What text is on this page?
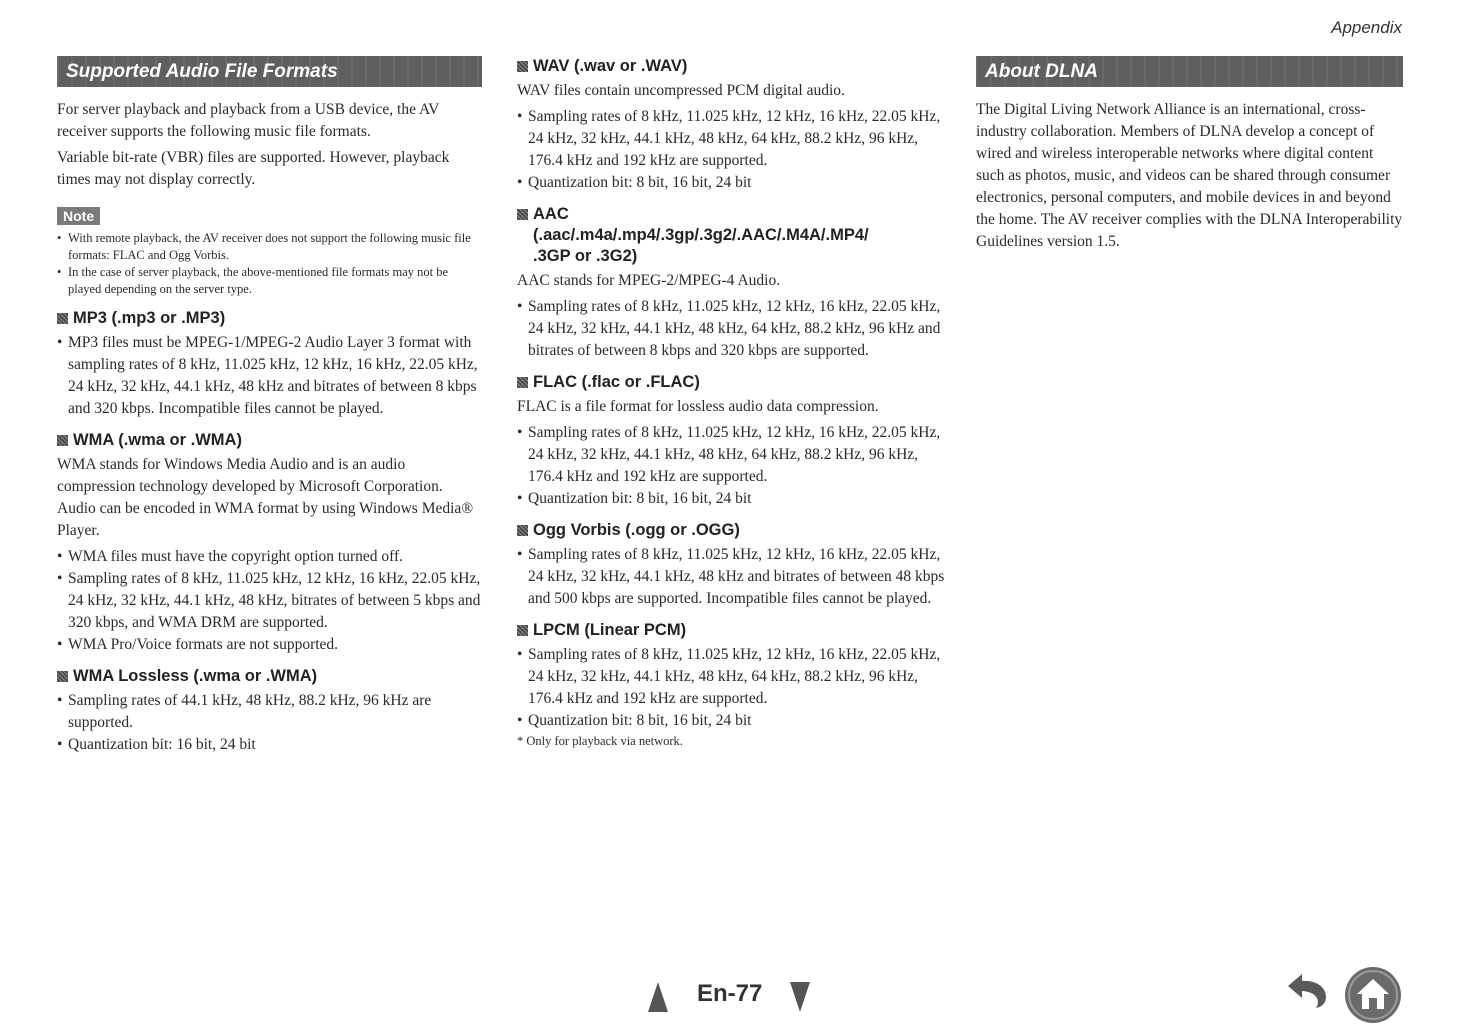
Appendix
Supported Audio File Formats

For server playback and playback from a USB device, the AV receiver supports the following music file formats.

Variable bit-rate (VBR) files are supported. However, playback times may not display correctly.

Note
• With remote playback, the AV receiver does not support the following music file formats: FLAC and Ogg Vorbis.
• In the case of server playback, the above-mentioned file formats may not be played depending on the server type.
MP3 (.mp3 or .MP3)
• MP3 files must be MPEG-1/MPEG-2 Audio Layer 3 format with sampling rates of 8 kHz, 11.025 kHz, 12 kHz, 16 kHz, 22.05 kHz, 24 kHz, 32 kHz, 44.1 kHz, 48 kHz and bitrates of between 8 kbps and 320 kbps. Incompatible files cannot be played.
WMA (.wma or .WMA)

WMA stands for Windows Media Audio and is an audio compression technology developed by Microsoft Corporation. Audio can be encoded in WMA format by using Windows Media® Player.

• WMA files must have the copyright option turned off.
• Sampling rates of 8 kHz, 11.025 kHz, 12 kHz, 16 kHz, 22.05 kHz, 24 kHz, 32 kHz, 44.1 kHz, 48 kHz, bitrates of between 5 kbps and 320 kbps, and WMA DRM are supported.
• WMA Pro/Voice formats are not supported.
WMA Lossless (.wma or .WMA)
• Sampling rates of 44.1 kHz, 48 kHz, 88.2 kHz, 96 kHz are supported.
• Quantization bit: 16 bit, 24 bit
WAV (.wav or .WAV)

WAV files contain uncompressed PCM digital audio.

• Sampling rates of 8 kHz, 11.025 kHz, 12 kHz, 16 kHz, 22.05 kHz, 24 kHz, 32 kHz, 44.1 kHz, 48 kHz, 64 kHz, 88.2 kHz, 96 kHz, 176.4 kHz and 192 kHz are supported.
• Quantization bit: 8 bit, 16 bit, 24 bit
AAC
(.aac/.m4a/.mp4/.3gp/.3g2/.AAC/.M4A/.MP4/
.3GP or .3G2)

AAC stands for MPEG-2/MPEG-4 Audio.

• Sampling rates of 8 kHz, 11.025 kHz, 12 kHz, 16 kHz, 22.05 kHz, 24 kHz, 32 kHz, 44.1 kHz, 48 kHz, 64 kHz, 88.2 kHz, 96 kHz and bitrates of between 8 kbps and 320 kbps are supported.
FLAC (.flac or .FLAC)

FLAC is a file format for lossless audio data compression.

• Sampling rates of 8 kHz, 11.025 kHz, 12 kHz, 16 kHz, 22.05 kHz, 24 kHz, 32 kHz, 44.1 kHz, 48 kHz, 64 kHz, 88.2 kHz, 96 kHz, 176.4 kHz and 192 kHz are supported.
• Quantization bit: 8 bit, 16 bit, 24 bit
Ogg Vorbis (.ogg or .OGG)
• Sampling rates of 8 kHz, 11.025 kHz, 12 kHz, 16 kHz, 22.05 kHz, 24 kHz, 32 kHz, 44.1 kHz, 48 kHz and bitrates of between 48 kbps and 500 kbps are supported. Incompatible files cannot be played.
LPCM (Linear PCM)
• Sampling rates of 8 kHz, 11.025 kHz, 12 kHz, 16 kHz, 22.05 kHz, 24 kHz, 32 kHz, 44.1 kHz, 48 kHz, 64 kHz, 88.2 kHz, 96 kHz, 176.4 kHz and 192 kHz are supported.
• Quantization bit: 8 bit, 16 bit, 24 bit
* Only for playback via network.
About DLNA

The Digital Living Network Alliance is an international, cross-industry collaboration. Members of DLNA develop a concept of wired and wireless interoperable networks where digital content such as photos, music, and videos can be shared through consumer electronics, personal computers, and mobile devices in and beyond the home. The AV receiver complies with the DLNA Interoperability Guidelines version 1.5.

En-77
